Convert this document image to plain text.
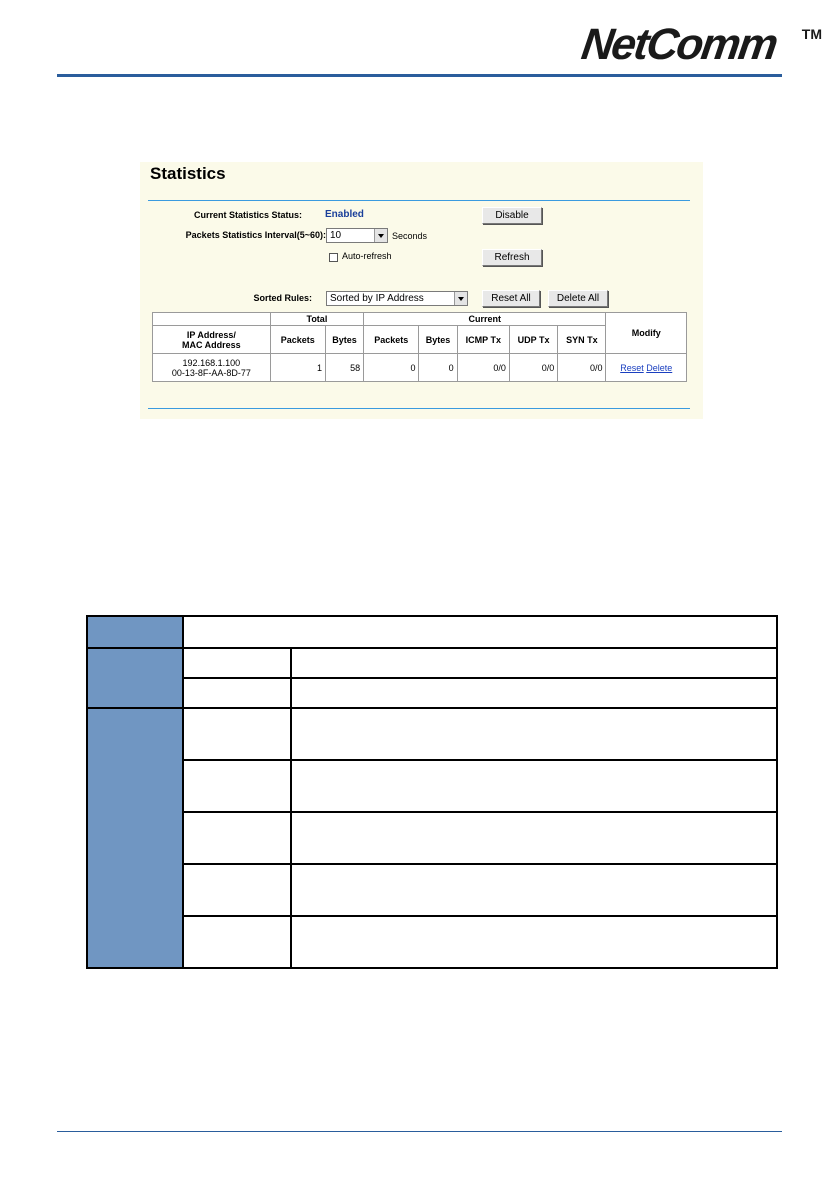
NetComm TM
Statistics
Current Statistics Status: Enabled	Disable
Packets Statistics Interval(5~60): 10	Seconds
Auto-refresh	Refresh
Sorted Rules:	Sorted by IP Address	Reset All	Delete All
	Total		Current					Modify

IP Address/
MAC Address	Packets	Bytes	Packets	Bytes	ICMP Tx	UDP Tx	SYN Tx	

192.168.1.100
00-13-8F-AA-8D-77	1	58	0	0	0/0	0/0	0/0	Reset Delete
